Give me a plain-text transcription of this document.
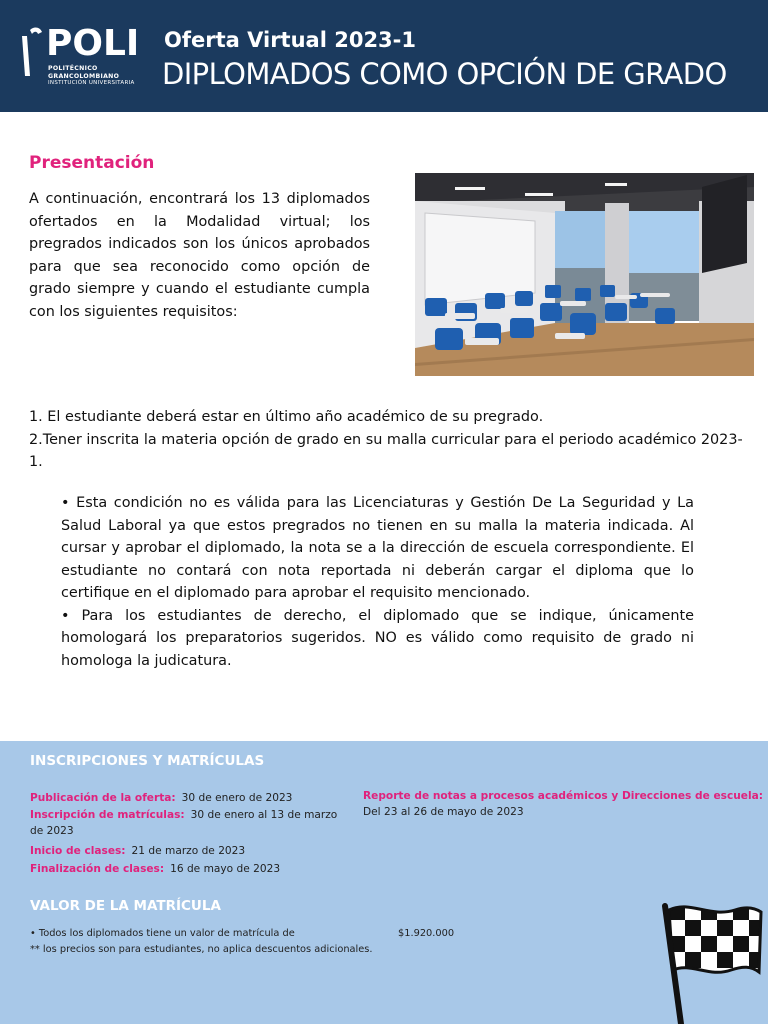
POLI
POLITÉCNICO
GRANCOLOMBIANO
INSTITUCIÓN UNIVERSITARIA
Oferta Virtual 2023-1
DIPLOMADOS COMO OPCIÓN DE GRADO
Presentación
A continuación, encontrará los 13 diplomados ofertados en la Modalidad virtual; los pregrados indicados son los únicos aprobados para que sea reconocido como opción de grado siempre y cuando el estudiante cumpla con los siguientes requisitos:

1. El estudiante deberá estar en último año académico de su pregrado.

2.Tener inscrita la materia opción de grado en su malla curricular para el periodo académico 2023-1.

• Esta condición no es válida para las Licenciaturas y Gestión De La Seguridad y La Salud Laboral ya que estos pregrados no tienen en su malla la materia indicada. Al cursar y aprobar el diplomado, la nota se a la dirección de escuela correspondiente. El estudiante no contará con nota reportada ni deberán cargar el diploma que lo certifique en el diplomado para aprobar el requisito mencionado.

• Para los estudiantes de derecho, el diplomado que se indique, únicamente homologará los preparatorios sugeridos. NO es válido como requisito de grado ni homologa la judicatura.

INSCRIPCIONES Y MATRÍCULAS
Publicación de la oferta: 30 de enero de 2023
Inscripción de matrículas: 30 de enero al 13 de marzo de 2023
Inicio de clases: 21 de marzo de 2023
Finalización de clases: 16 de mayo de 2023
Reporte de notas a procesos académicos y Direcciones de escuela:
Del 23 al 26 de mayo de 2023
VALOR DE LA MATRÍCULA
• Todos los diplomados tiene un valor de matrícula de	$1.920.000
** los precios son para estudiantes, no aplica descuentos adicionales.
